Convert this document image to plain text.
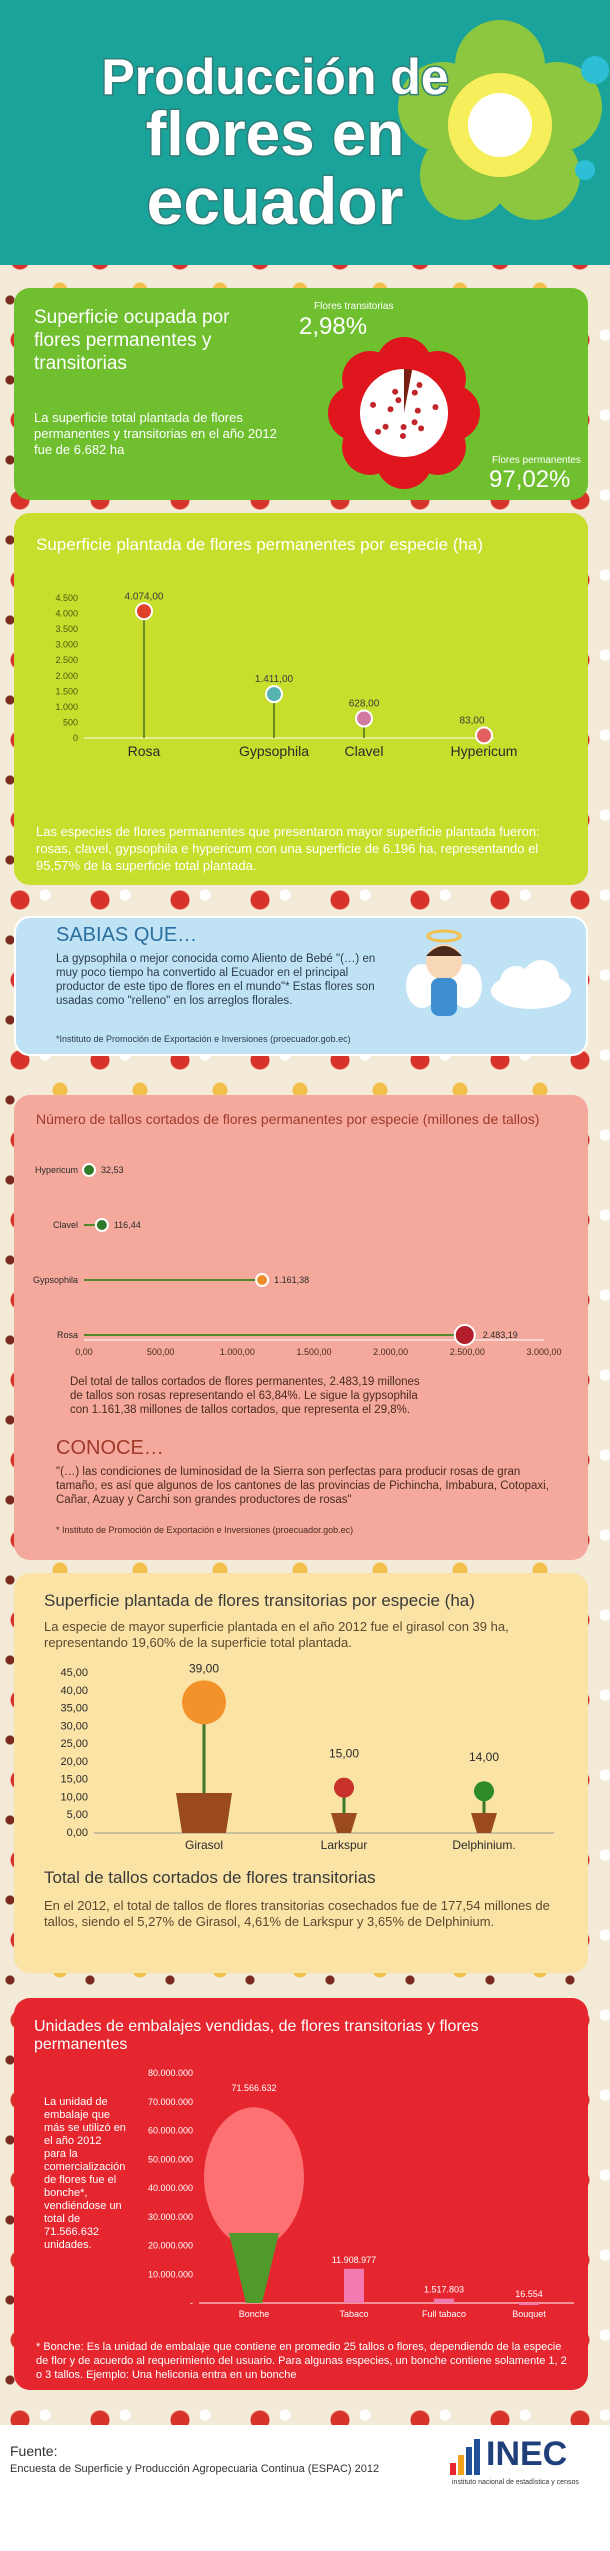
Producción de
flores en
ecuador
Superficie ocupada por flores permanentes y transitorias
La superficie total plantada de flores permanentes y transitorias en el año 2012 fue de 6.682 ha
Flores transitorias
2,98%
Flores permanentes
97,02%
Superficie plantada de flores permanentes por especie (ha)
0
500
1.000
1.500
2.000
2.500
3.000
3.500
4.000
4.500	4.074,00
Rosa
1.411,00
Gypsophila
628,00
Clavel
83,00
Hypericum
Las especies de flores permanentes que presentaron mayor superficie plantada fueron: rosas, clavel, gypsophila e hypericum con una superficie de 6.196 ha, representando el 95,57% de la superficie total plantada.
SABIAS QUE…
La gypsophila o mejor conocida como Aliento de Bebé "(…) en muy poco tiempo ha convertido al Ecuador en el principal productor de este tipo de flores en el mundo"* Estas flores son usadas como "relleno" en los arreglos florales.
*Instituto de Promoción de Exportación e Inversiones (proecuador.gob.ec)
Número de tallos cortados de flores permanentes por especie (millones de tallos)
0,00	500,00	1.000,00	1.500,00	2.000,00	2.500,00	3.000,00
Hypericum	32,53
Clavel	116,44
Gypsophila	1.161,38
Rosa	2.483,19
Del total de tallos cortados de flores permanentes, 2.483,19 millones de tallos son rosas representando el 63,84%. Le sigue la gypsophila con 1.161,38 millones de tallos cortados, que representa el 29,8%.
CONOCE…
"(…) las condiciones de luminosidad de la Sierra son perfectas para producir rosas de gran tamaño, es así que algunos de los cantones de las provincias de Pichincha, Imbabura, Cotopaxi, Cañar, Azuay y Carchi son grandes productores de rosas"
* Instituto de Promoción de Exportación e Inversiones (proecuador.gob.ec)
Superficie plantada de flores transitorias por especie (ha)
La especie de mayor superficie plantada en el año 2012 fue el girasol con 39 ha, representando 19,60% de la superficie total plantada.
0,00
5,00
10,00
15,00
20,00
25,00
30,00
35,00
40,00
45,00	39,00
Girasol
15,00
Larkspur
14,00
Delphinium.
Total de tallos cortados de flores transitorias
En el 2012, el total de tallos de flores transitorias cosechados fue de 177,54 millones de tallos, siendo el 5,27% de Girasol, 4,61% de Larkspur y 3,65% de Delphinium.
Unidades de embalajes vendidas, de flores transitorias y flores permanentes
La unidad de embalaje que más se utilizó en el año 2012 para la comercialización de flores fue el bonche*, vendiéndose un total de 71.566.632 unidades.
-
10.000.000
20.000.000
30.000.000
40.000.000
50.000.000
60.000.000
70.000.000
80.000.000
71.566.632
Bonche
11.908.977
Tabaco
1.517.803
Full tabaco
16.554
Bouquet
* Bonche: Es la unidad de embalaje que contiene en promedio 25 tallos o flores, dependiendo de la especie de flor y de acuerdo al requerimiento del usuario. Para algunas especies, un bonche contiene solamente 1, 2 o 3 tallos. Ejemplo: Una heliconia entra en un bonche
Fuente:
Encuesta de Superficie y Producción Agropecuaria Continua (ESPAC) 2012	INEC
instituto nacional de estadística y censos
